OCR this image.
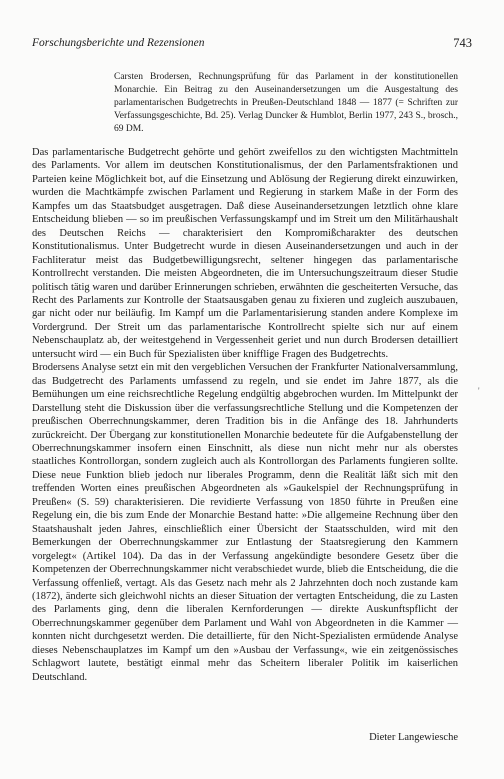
Forschungsberichte und Rezensionen	743
Carsten Brodersen, Rechnungsprüfung für das Parlament in der konstitutionellen Monarchie. Ein Beitrag zu den Auseinandersetzungen um die Ausgestaltung des parlamentarischen Budgetrechts in Preußen-Deutschland 1848 — 1877 (= Schriften zur Verfassungsgeschichte, Bd. 25). Verlag Duncker & Humblot, Berlin 1977, 243 S., brosch., 69 DM.

Das parlamentarische Budgetrecht gehörte und gehört zweifellos zu den wichtigsten Machtmitteln des Parlaments. Vor allem im deutschen Konstitutionalismus, der den Parlamentsfraktionen und Parteien keine Möglichkeit bot, auf die Einsetzung und Ablösung der Regierung direkt einzuwirken, wurden die Machtkämpfe zwischen Parlament und Regierung in starkem Maße in der Form des Kampfes um das Staatsbudget ausgetragen. Daß diese Auseinandersetzungen letztlich ohne klare Entscheidung blieben — so im preußischen Verfassungskampf und im Streit um den Militärhaushalt des Deutschen Reichs — charakterisiert den Kompromißcharakter des deutschen Konstitutionalismus. Unter Budgetrecht wurde in diesen Auseinandersetzungen und auch in der Fachliteratur meist das Budgetbewilligungsrecht, seltener hingegen das parlamentarische Kontrollrecht verstanden. Die meisten Abgeordneten, die im Untersuchungszeitraum dieser Studie politisch tätig waren und darüber Erinnerungen schrieben, erwähnten die gescheiterten Versuche, das Recht des Parlaments zur Kontrolle der Staatsausgaben genau zu fixieren und zugleich auszubauen, gar nicht oder nur beiläufig. Im Kampf um die Parlamentarisierung standen andere Komplexe im Vordergrund. Der Streit um das parlamentarische Kontrollrecht spielte sich nur auf einem Nebenschauplatz ab, der weitestgehend in Vergessenheit geriet und nun durch Brodersen detailliert untersucht wird — ein Buch für Spezialisten über knifflige Fragen des Budgetrechts.

Brodersens Analyse setzt ein mit den vergeblichen Versuchen der Frankfurter Nationalversammlung, das Budgetrecht des Parlaments umfassend zu regeln, und sie endet im Jahre 1877, als die Bemühungen um eine reichsrechtliche Regelung endgültig abgebrochen wurden. Im Mittelpunkt der Darstellung steht die Diskussion über die verfassungsrechtliche Stellung und die Kompetenzen der preußischen Oberrechnungskammer, deren Tradition bis in die Anfänge des 18. Jahrhunderts zurückreicht. Der Übergang zur konstitutionellen Monarchie bedeutete für die Aufgabenstellung der Oberrechnungskammer insofern einen Einschnitt, als diese nun nicht mehr nur als oberstes staatliches Kontrollorgan, sondern zugleich auch als Kontrollorgan des Parlaments fungieren sollte. Diese neue Funktion blieb jedoch nur liberales Programm, denn die Realität läßt sich mit den treffenden Worten eines preußischen Abgeordneten als »Gaukelspiel der Rechnungsprüfung in Preußen« (S. 59) charakterisieren. Die revidierte Verfassung von 1850 führte in Preußen eine Regelung ein, die bis zum Ende der Monarchie Bestand hatte: »Die allgemeine Rechnung über den Staatshaushalt jeden Jahres, einschließlich einer Übersicht der Staatsschulden, wird mit den Bemerkungen der Oberrechnungskammer zur Entlastung der Staatsregierung den Kammern vorgelegt« (Artikel 104). Da das in der Verfassung angekündigte besondere Gesetz über die Kompetenzen der Oberrechnungskammer nicht verabschiedet wurde, blieb die Entscheidung, die die Verfassung offenließ, vertagt. Als das Gesetz nach mehr als 2 Jahrzehnten doch noch zustande kam (1872), änderte sich gleichwohl nichts an dieser Situation der vertagten Entscheidung, die zu Lasten des Parlaments ging, denn die liberalen Kernforderungen — direkte Auskunftspflicht der Oberrechnungskammer gegenüber dem Parlament und Wahl von Abgeordneten in die Kammer — konnten nicht durchgesetzt werden. Die detaillierte, für den Nicht-Spezialisten ermüdende Analyse dieses Nebenschauplatzes im Kampf um den »Ausbau der Verfassung«, wie ein zeitgenössisches Schlagwort lautete, bestätigt einmal mehr das Scheitern liberaler Politik im kaiserlichen Deutschland.

Dieter Langewiesche
'
